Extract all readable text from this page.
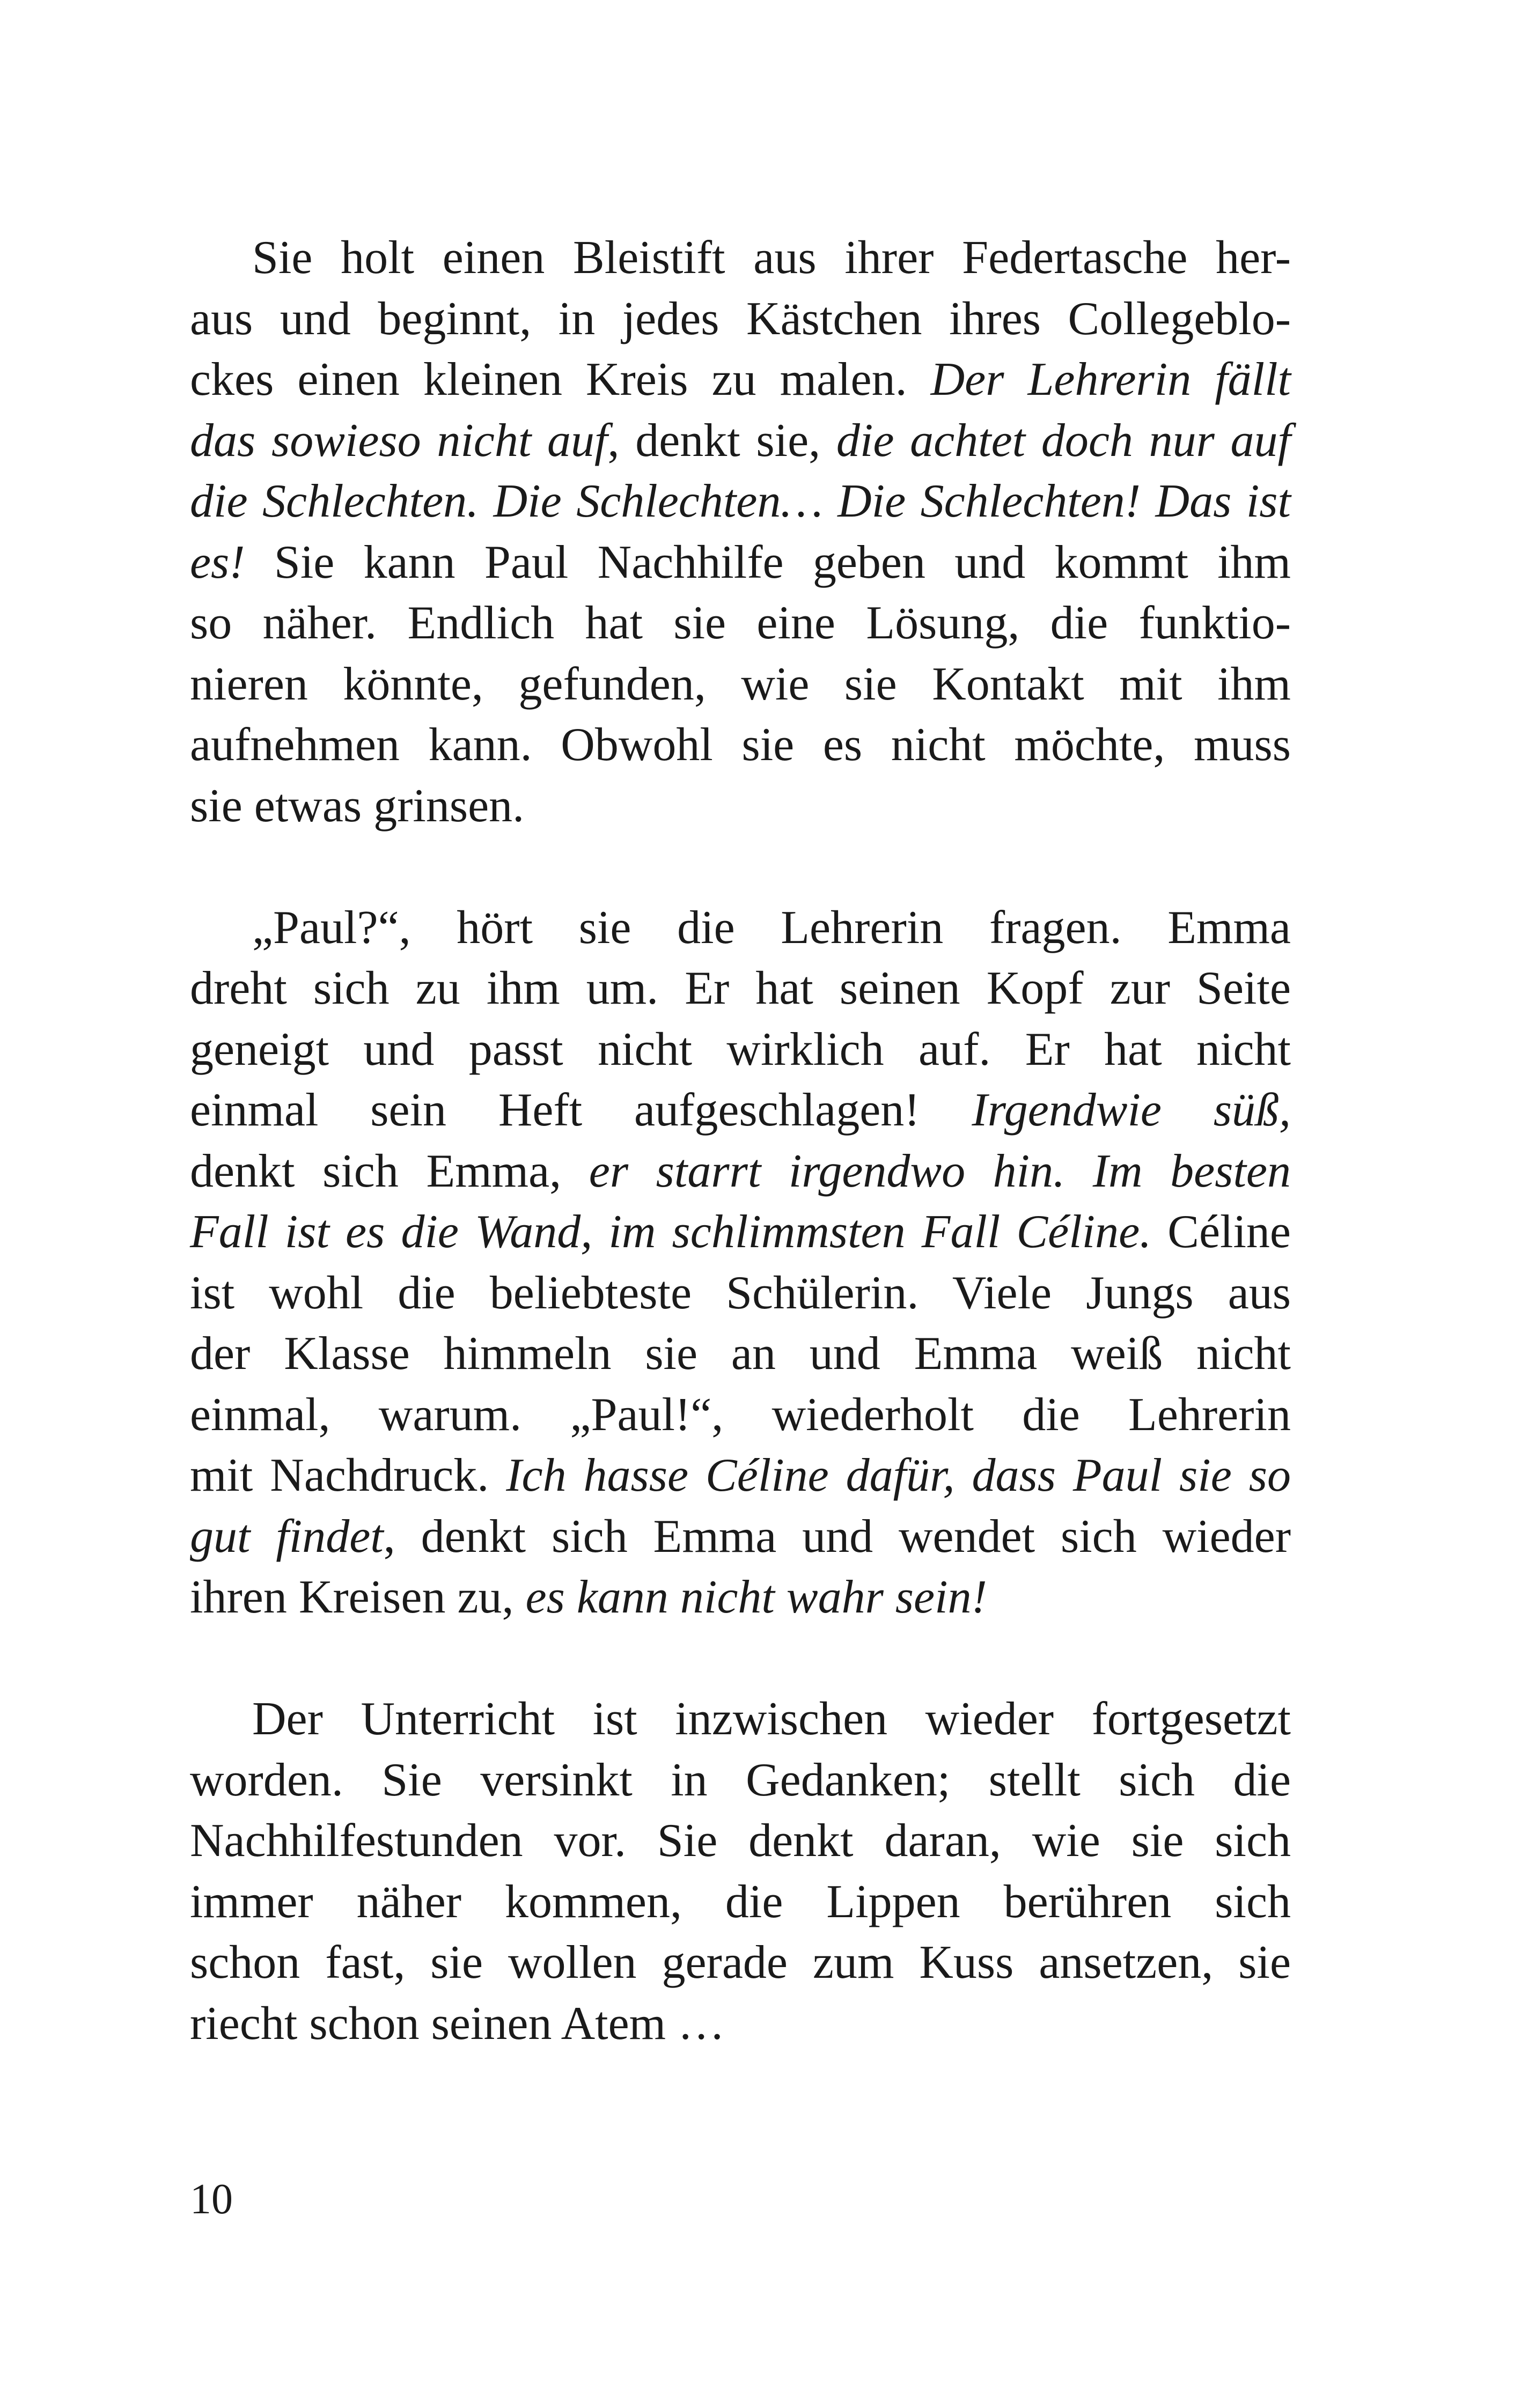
Sie holt einen Bleistift aus ihrer Federtasche her-
aus und beginnt, in jedes Kästchen ihres Collegeblo-
ckes einen kleinen Kreis zu malen. Der Lehrerin fällt
das sowieso nicht auf, denkt sie, die achtet doch nur auf
die Schlechten. Die Schlechten… Die Schlechten! Das ist
es! Sie kann Paul Nachhilfe geben und kommt ihm
so näher. Endlich hat sie eine Lösung, die funktio-
nieren könnte, gefunden, wie sie Kontakt mit ihm
aufnehmen kann. Obwohl sie es nicht möchte, muss
sie etwas grinsen.

„Paul?“, hört sie die Lehrerin fragen. Emma
dreht sich zu ihm um. Er hat seinen Kopf zur Seite
geneigt und passt nicht wirklich auf. Er hat nicht
einmal sein Heft aufgeschlagen! Irgendwie süß,
denkt sich Emma, er starrt irgendwo hin. Im besten
Fall ist es die Wand, im schlimmsten Fall Céline. Céline
ist wohl die beliebteste Schülerin. Viele Jungs aus
der Klasse himmeln sie an und Emma weiß nicht
einmal, warum. „Paul!“, wiederholt die Lehrerin
mit Nachdruck. Ich hasse Céline dafür, dass Paul sie so
gut findet, denkt sich Emma und wendet sich wieder
ihren Kreisen zu, es kann nicht wahr sein!

Der Unterricht ist inzwischen wieder fortgesetzt
worden. Sie versinkt in Gedanken; stellt sich die
Nachhilfestunden vor. Sie denkt daran, wie sie sich
immer näher kommen, die Lippen berühren sich
schon fast, sie wollen gerade zum Kuss ansetzen, sie
riecht schon seinen Atem …

10
